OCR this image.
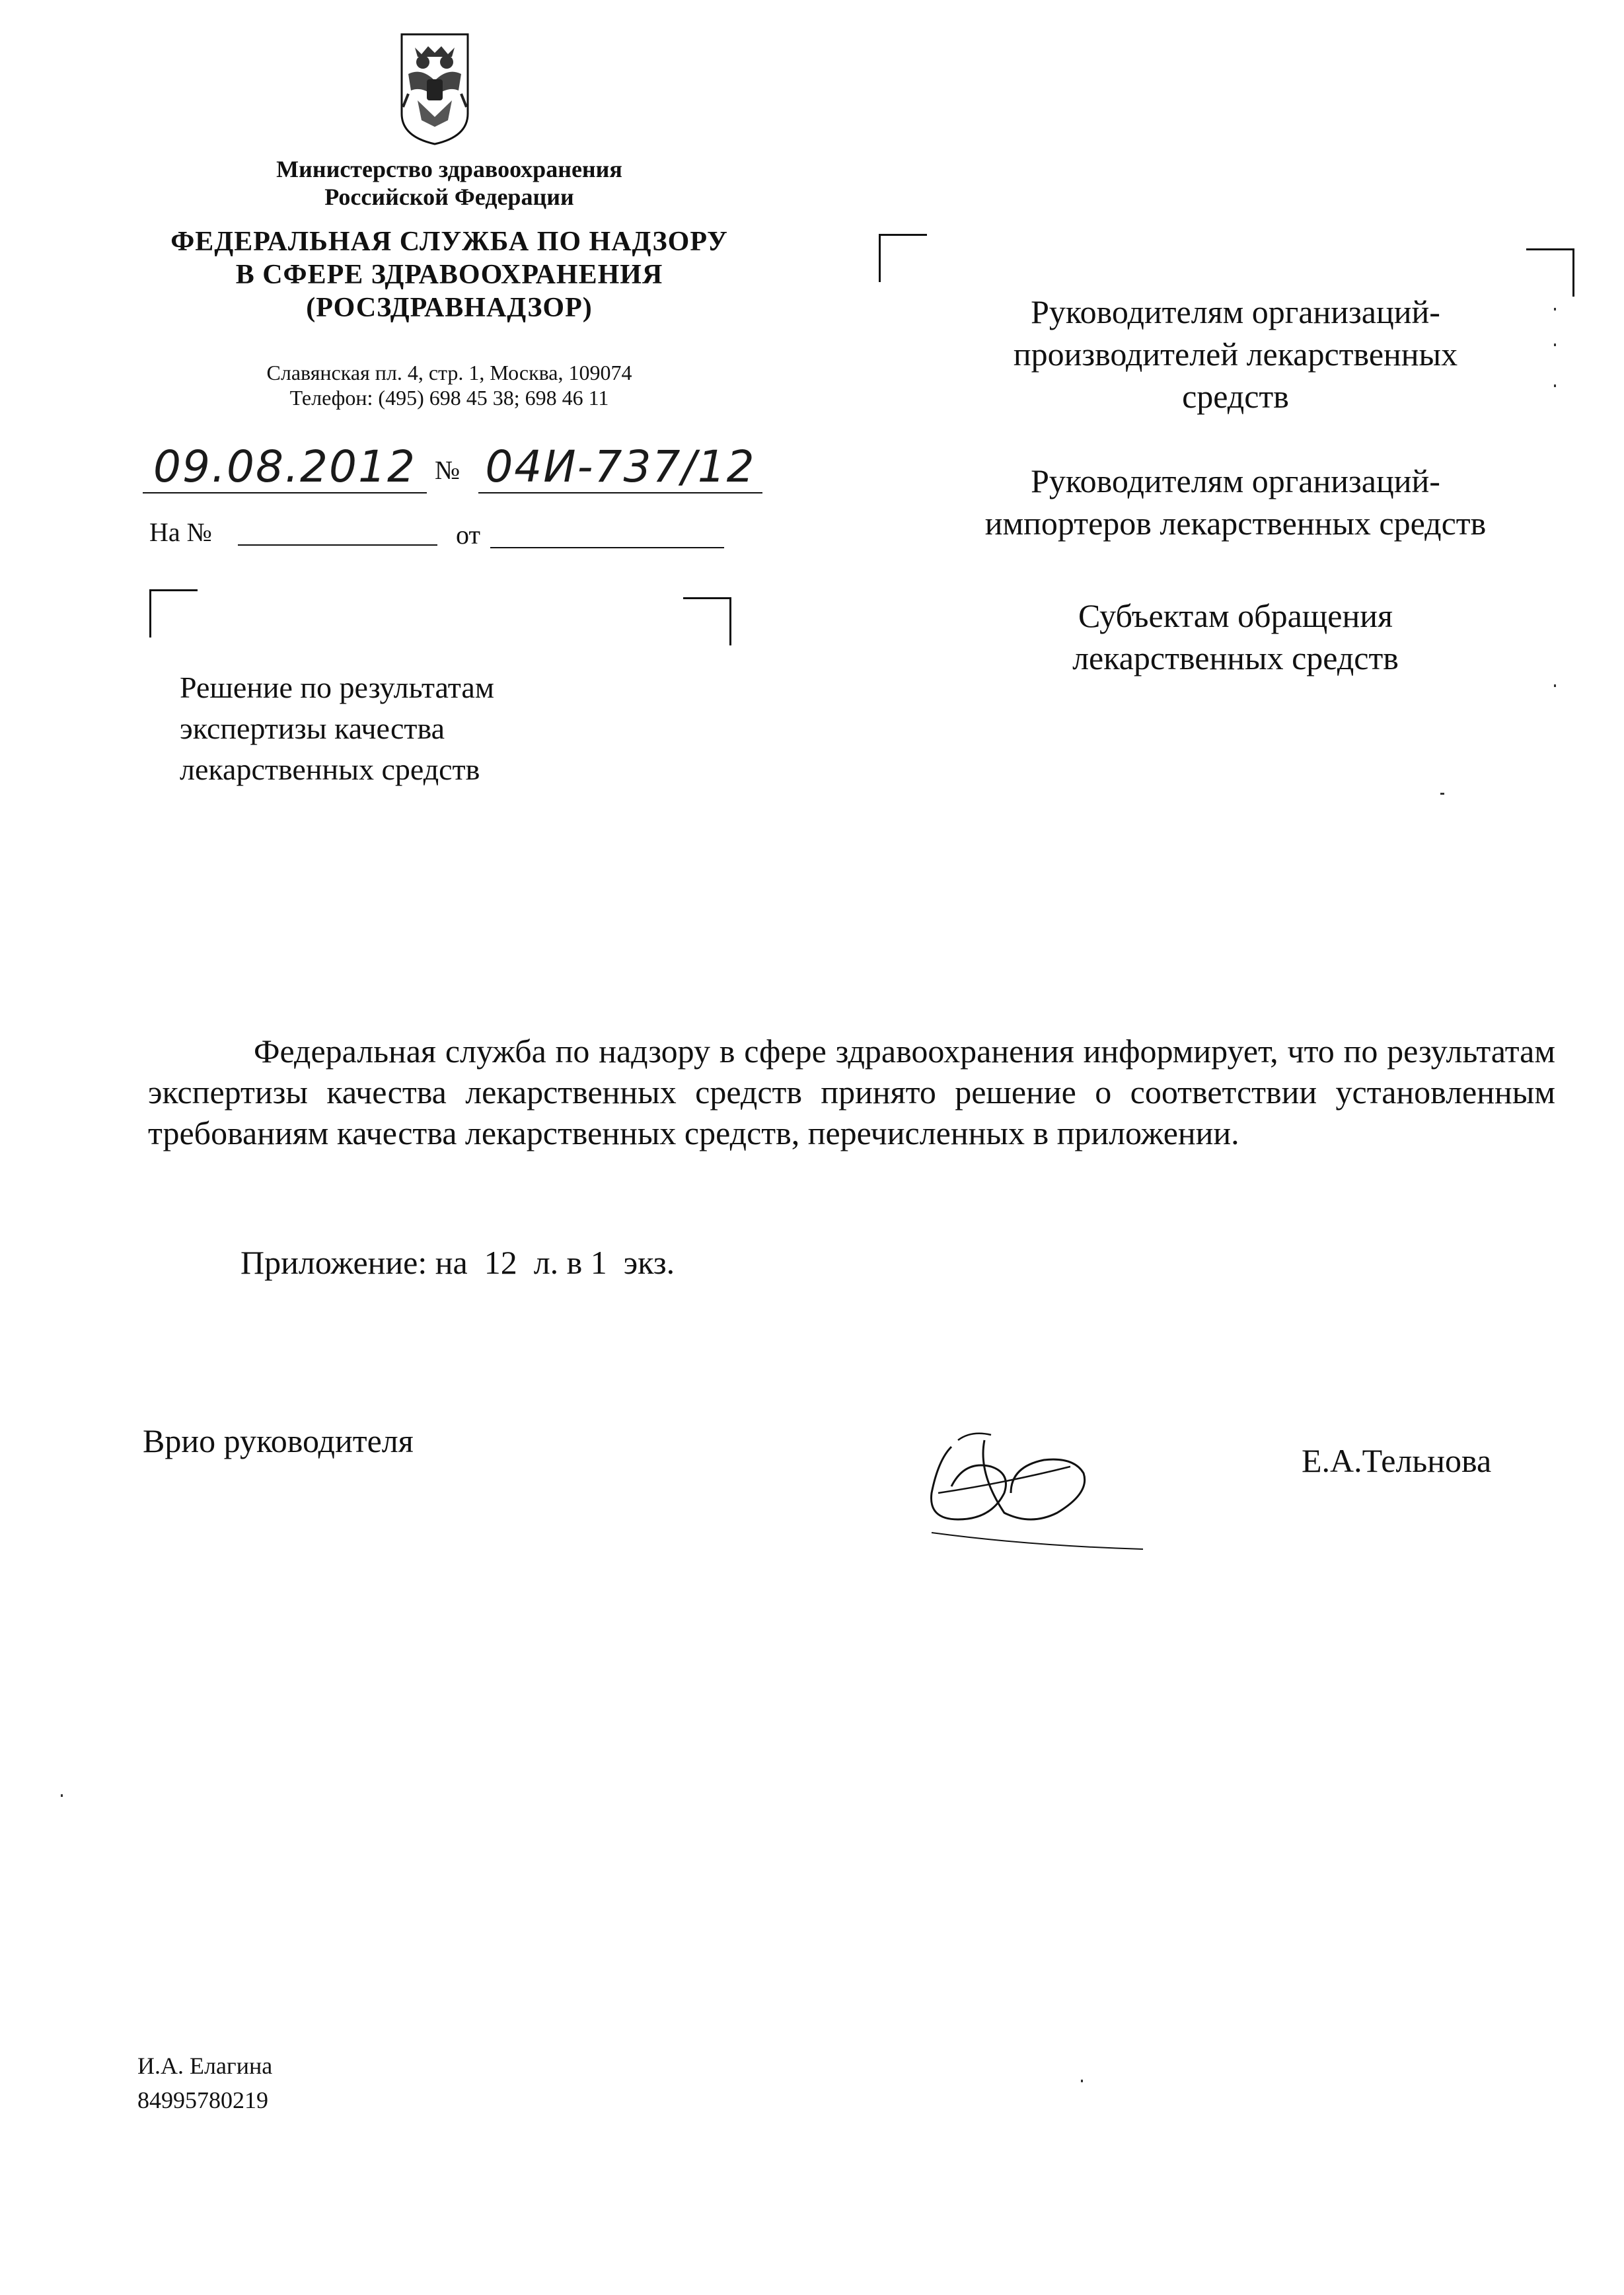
Министерство здравоохранения
Российской Федерации
ФЕДЕРАЛЬНАЯ СЛУЖБА ПО НАДЗОРУ
В СФЕРЕ ЗДРАВООХРАНЕНИЯ
(РОСЗДРАВНАДЗОР)
Славянская пл. 4, стр. 1, Москва, 109074
Телефон: (495) 698 45 38; 698 46 11
09.08.2012 № 04И-737/12
На №	от
Руководителям организаций-
производителей лекарственных
средств
Руководителям организаций-
импортеров лекарственных средств
Субъектам обращения
лекарственных средств
Решение по результатам
экспертизы качества
лекарственных средств
Федеральная служба по надзору в сфере здравоохранения информирует, что по результатам экспертизы качества лекарственных средств принято решение о соответствии установленным требованиям качества лекарственных средств, перечисленных в приложении.
Приложение: на  12  л. в 1  экз.
Врио руководителя
Е.А.Тельнова
И.А. Елагина
84995780219
